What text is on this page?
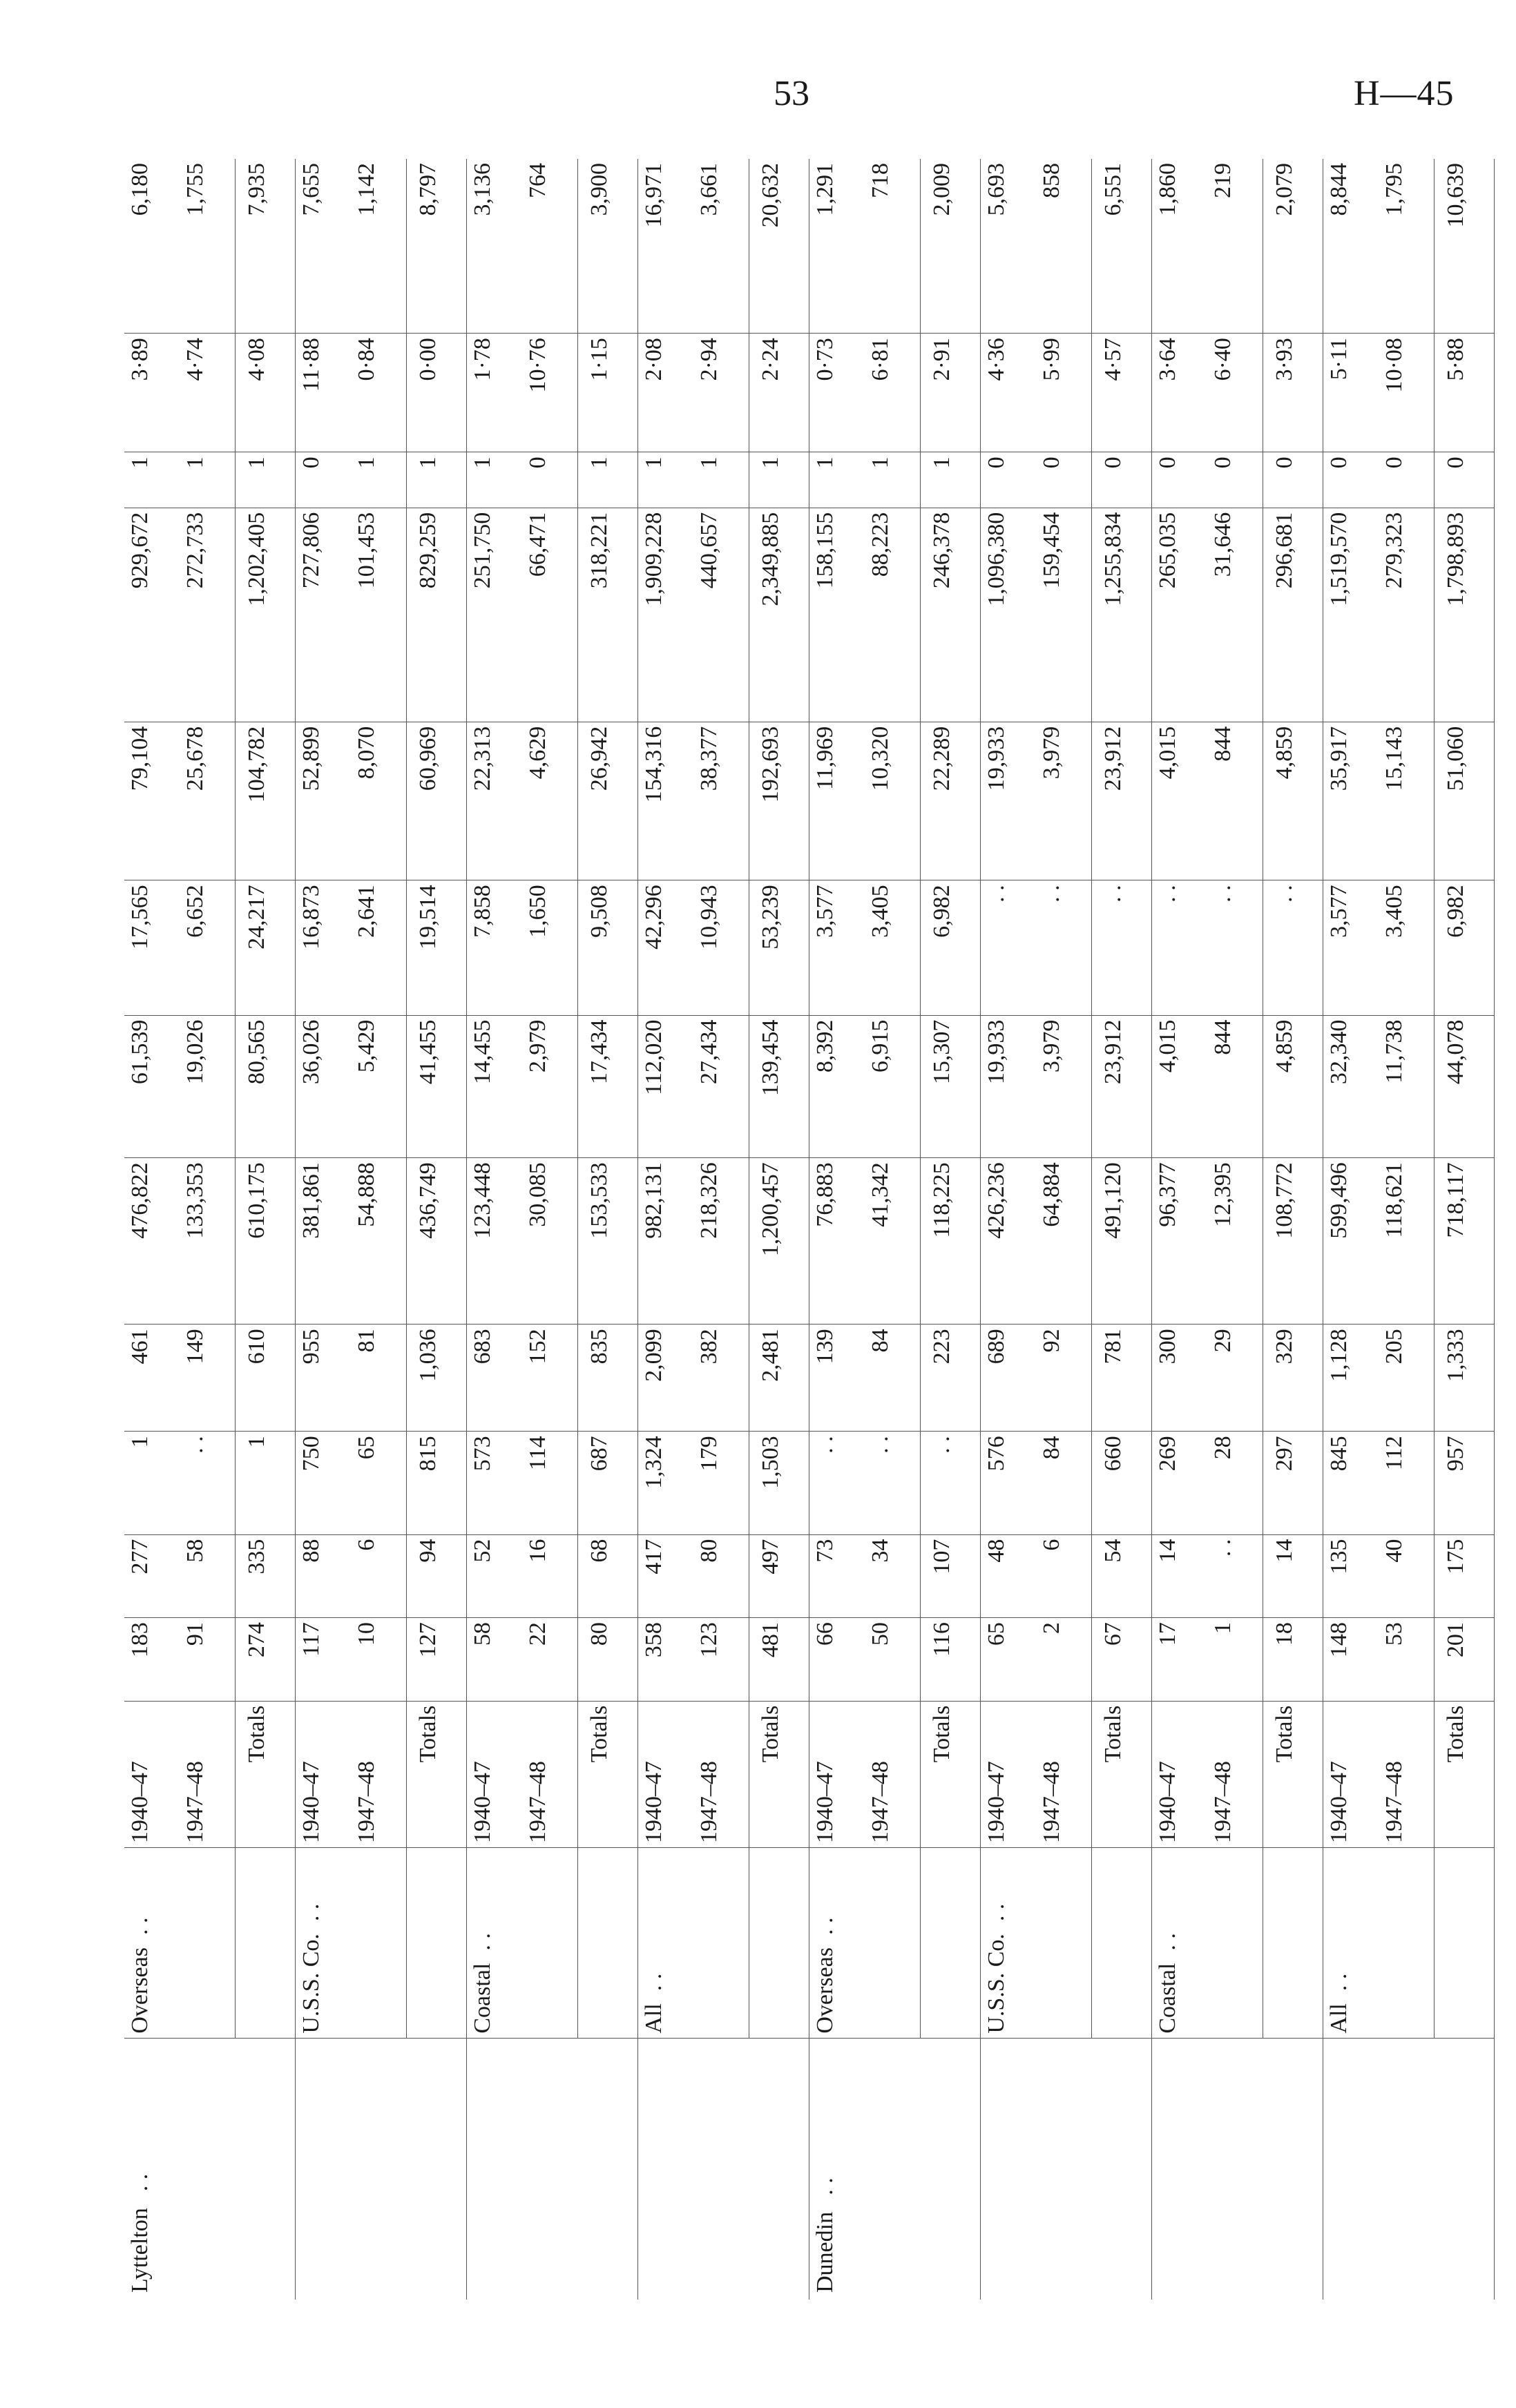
53	H—45
Lyttelton. .	Overseas. .	1940–47	183	277	1	461	476,822	61,539	17,565	79,104	929,672	1	3·89	6,180
		1947–48	91	58	. .	149	133,353	19,026	6,652	25,678	272,733	1	4·74	1,755
		Totals	274	335	1	610	610,175	80,565	24,217	104,782	1,202,405	1	4·08	7,935
	U.S.S. Co.. .	1940–47	117	88	750	955	381,861	36,026	16,873	52,899	727,806	0	11·88	7,655
		1947–48	10	6	65	81	54,888	5,429	2,641	8,070	101,453	1	0·84	1,142
		Totals	127	94	815	1,036	436,749	41,455	19,514	60,969	829,259	1	0·00	8,797
	Coastal. .	1940–47	58	52	573	683	123,448	14,455	7,858	22,313	251,750	1	1·78	3,136
		1947–48	22	16	114	152	30,085	2,979	1,650	4,629	66,471	0	10·76	764
		Totals	80	68	687	835	153,533	17,434	9,508	26,942	318,221	1	1·15	3,900
	All. .	1940–47	358	417	1,324	2,099	982,131	112,020	42,296	154,316	1,909,228	1	2·08	16,971
		1947–48	123	80	179	382	218,326	27,434	10,943	38,377	440,657	1	2·94	3,661
		Totals	481	497	1,503	2,481	1,200,457	139,454	53,239	192,693	2,349,885	1	2·24	20,632
Dunedin. .	Overseas. .	1940–47	66	73	. .	139	76,883	8,392	3,577	11,969	158,155	1	0·73	1,291
		1947–48	50	34	. .	84	41,342	6,915	3,405	10,320	88,223	1	6·81	718
		Totals	116	107	. .	223	118,225	15,307	6,982	22,289	246,378	1	2·91	2,009
	U.S.S. Co.. .	1940–47	65	48	576	689	426,236	19,933	. .	19,933	1,096,380	0	4·36	5,693
		1947–48	2	6	84	92	64,884	3,979	. .	3,979	159,454	0	5·99	858
		Totals	67	54	660	781	491,120	23,912	. .	23,912	1,255,834	0	4·57	6,551
	Coastal. .	1940–47	17	14	269	300	96,377	4,015	. .	4,015	265,035	0	3·64	1,860
		1947–48	1	. .	28	29	12,395	844	. .	844	31,646	0	6·40	219
		Totals	18	14	297	329	108,772	4,859	. .	4,859	296,681	0	3·93	2,079
	All. .	1940–47	148	135	845	1,128	599,496	32,340	3,577	35,917	1,519,570	0	5·11	8,844
		1947–48	53	40	112	205	118,621	11,738	3,405	15,143	279,323	0	10·08	1,795
		Totals	201	175	957	1,333	718,117	44,078	6,982	51,060	1,798,893	0	5·88	10,639
